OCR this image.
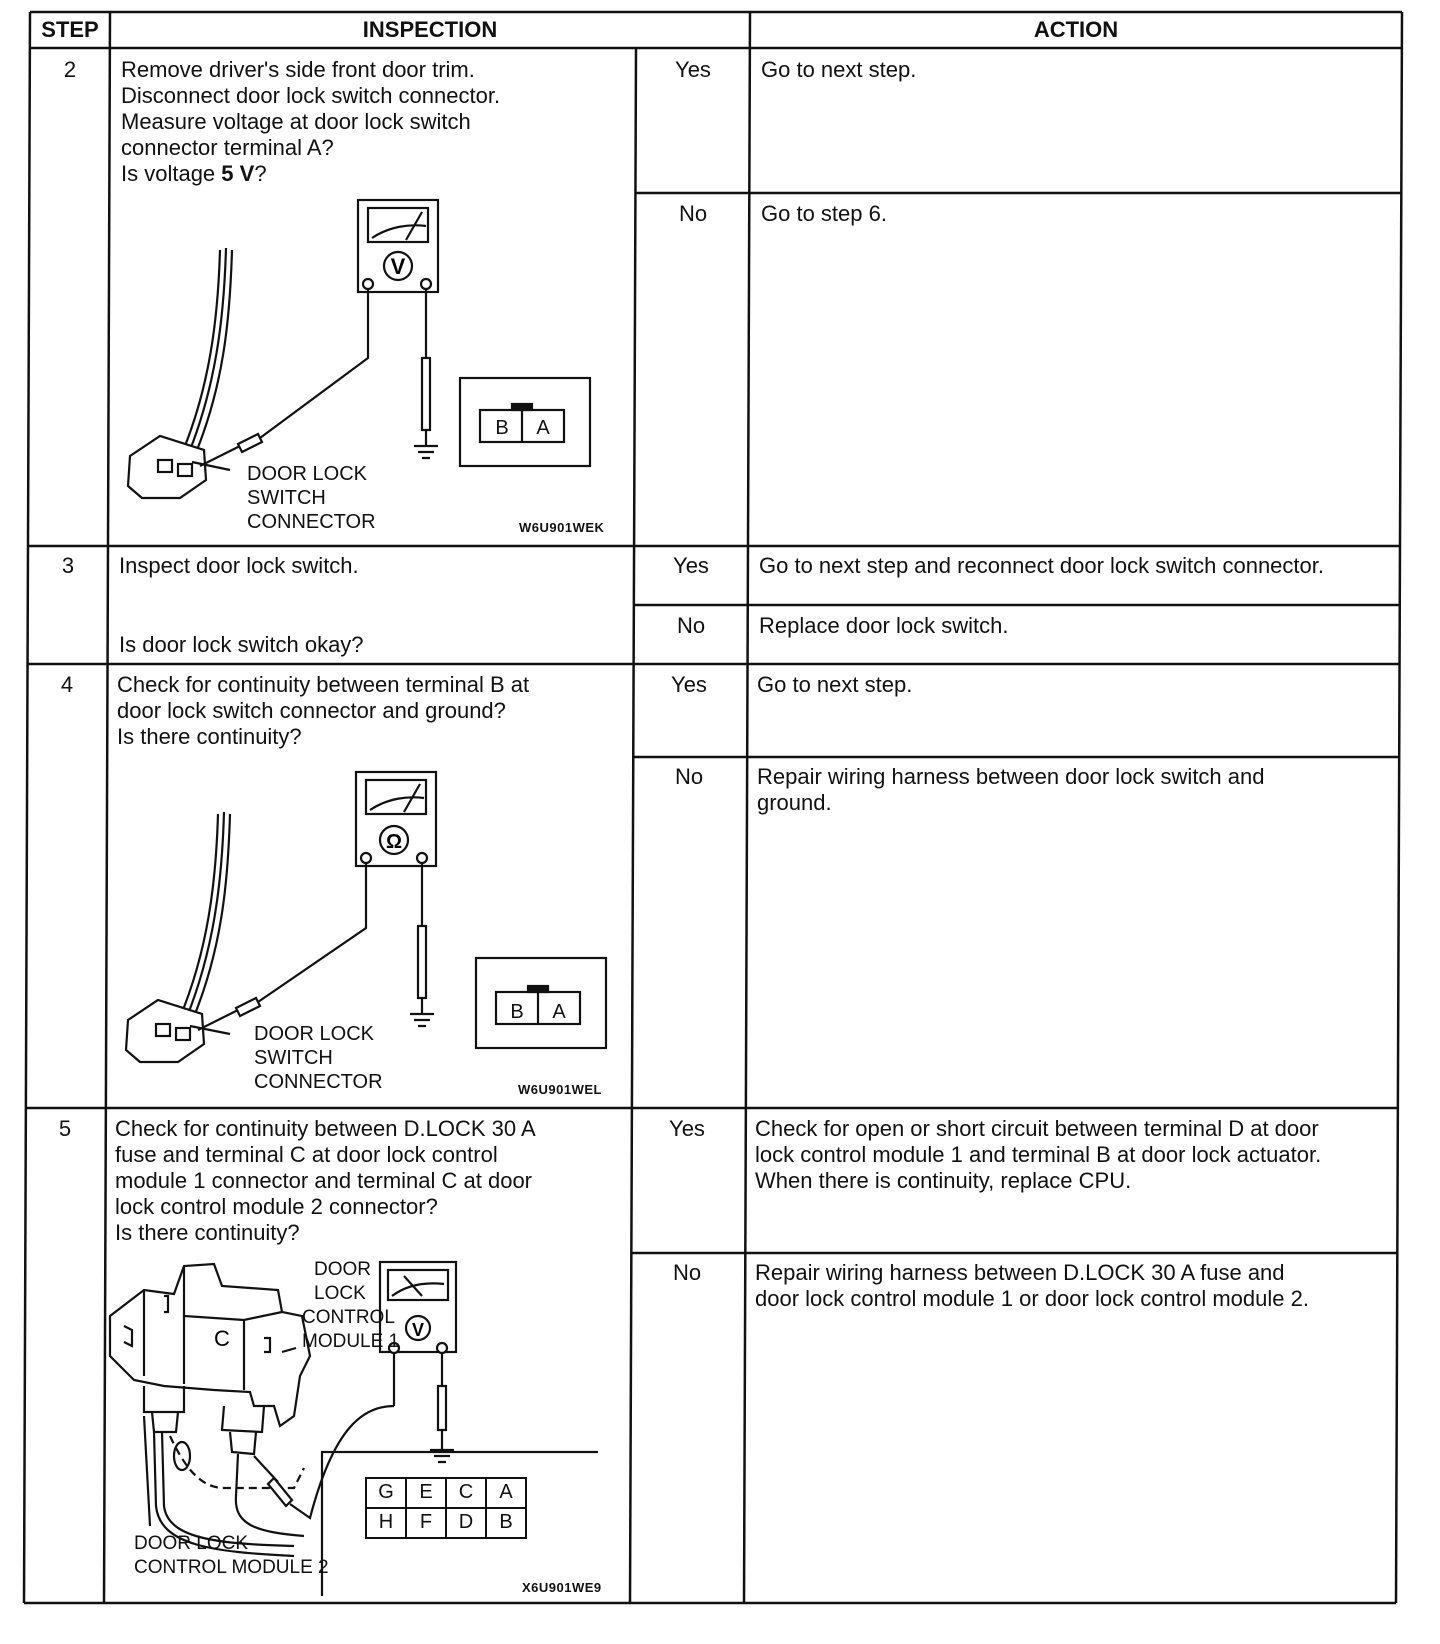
STEP	INSPECTION	ACTION
2	Remove driver's side front door trim.
Disconnect door lock switch connector.
Measure voltage at door lock switch
connector terminal A?
Is voltage 5 V?
V
B	A
DOOR LOCK
SWITCH
CONNECTOR	W6U901WEK
Yes	Go to next step.
No	Go to step 6.
3	Inspect door lock switch.
Is door lock switch okay?
Yes	Go to next step and reconnect door lock switch connector.
No	Replace door lock switch.
4	Check for continuity between terminal B at
door lock switch connector and ground?
Is there continuity?
Ω
B	A
DOOR LOCK
SWITCH
CONNECTOR	W6U901WEL
Yes	Go to next step.
No	Repair wiring harness between door lock switch and
ground.
5	Check for continuity between D.LOCK 30 A
fuse and terminal C at door lock control
module 1 connector and terminal C at door
lock control module 2 connector?
Is there continuity?
V
C
DOOR
LOCK
CONTROL
MODULE 1
G	E	C	A
H	F	D	B
DOOR LOCK
CONTROL MODULE 2
X6U901WE9
Yes	Check for open or short circuit between terminal D at door
lock control module 1 and terminal B at door lock actuator.
When there is continuity, replace CPU.
No	Repair wiring harness between D.LOCK 30 A fuse and
door lock control module 1 or door lock control module 2.
